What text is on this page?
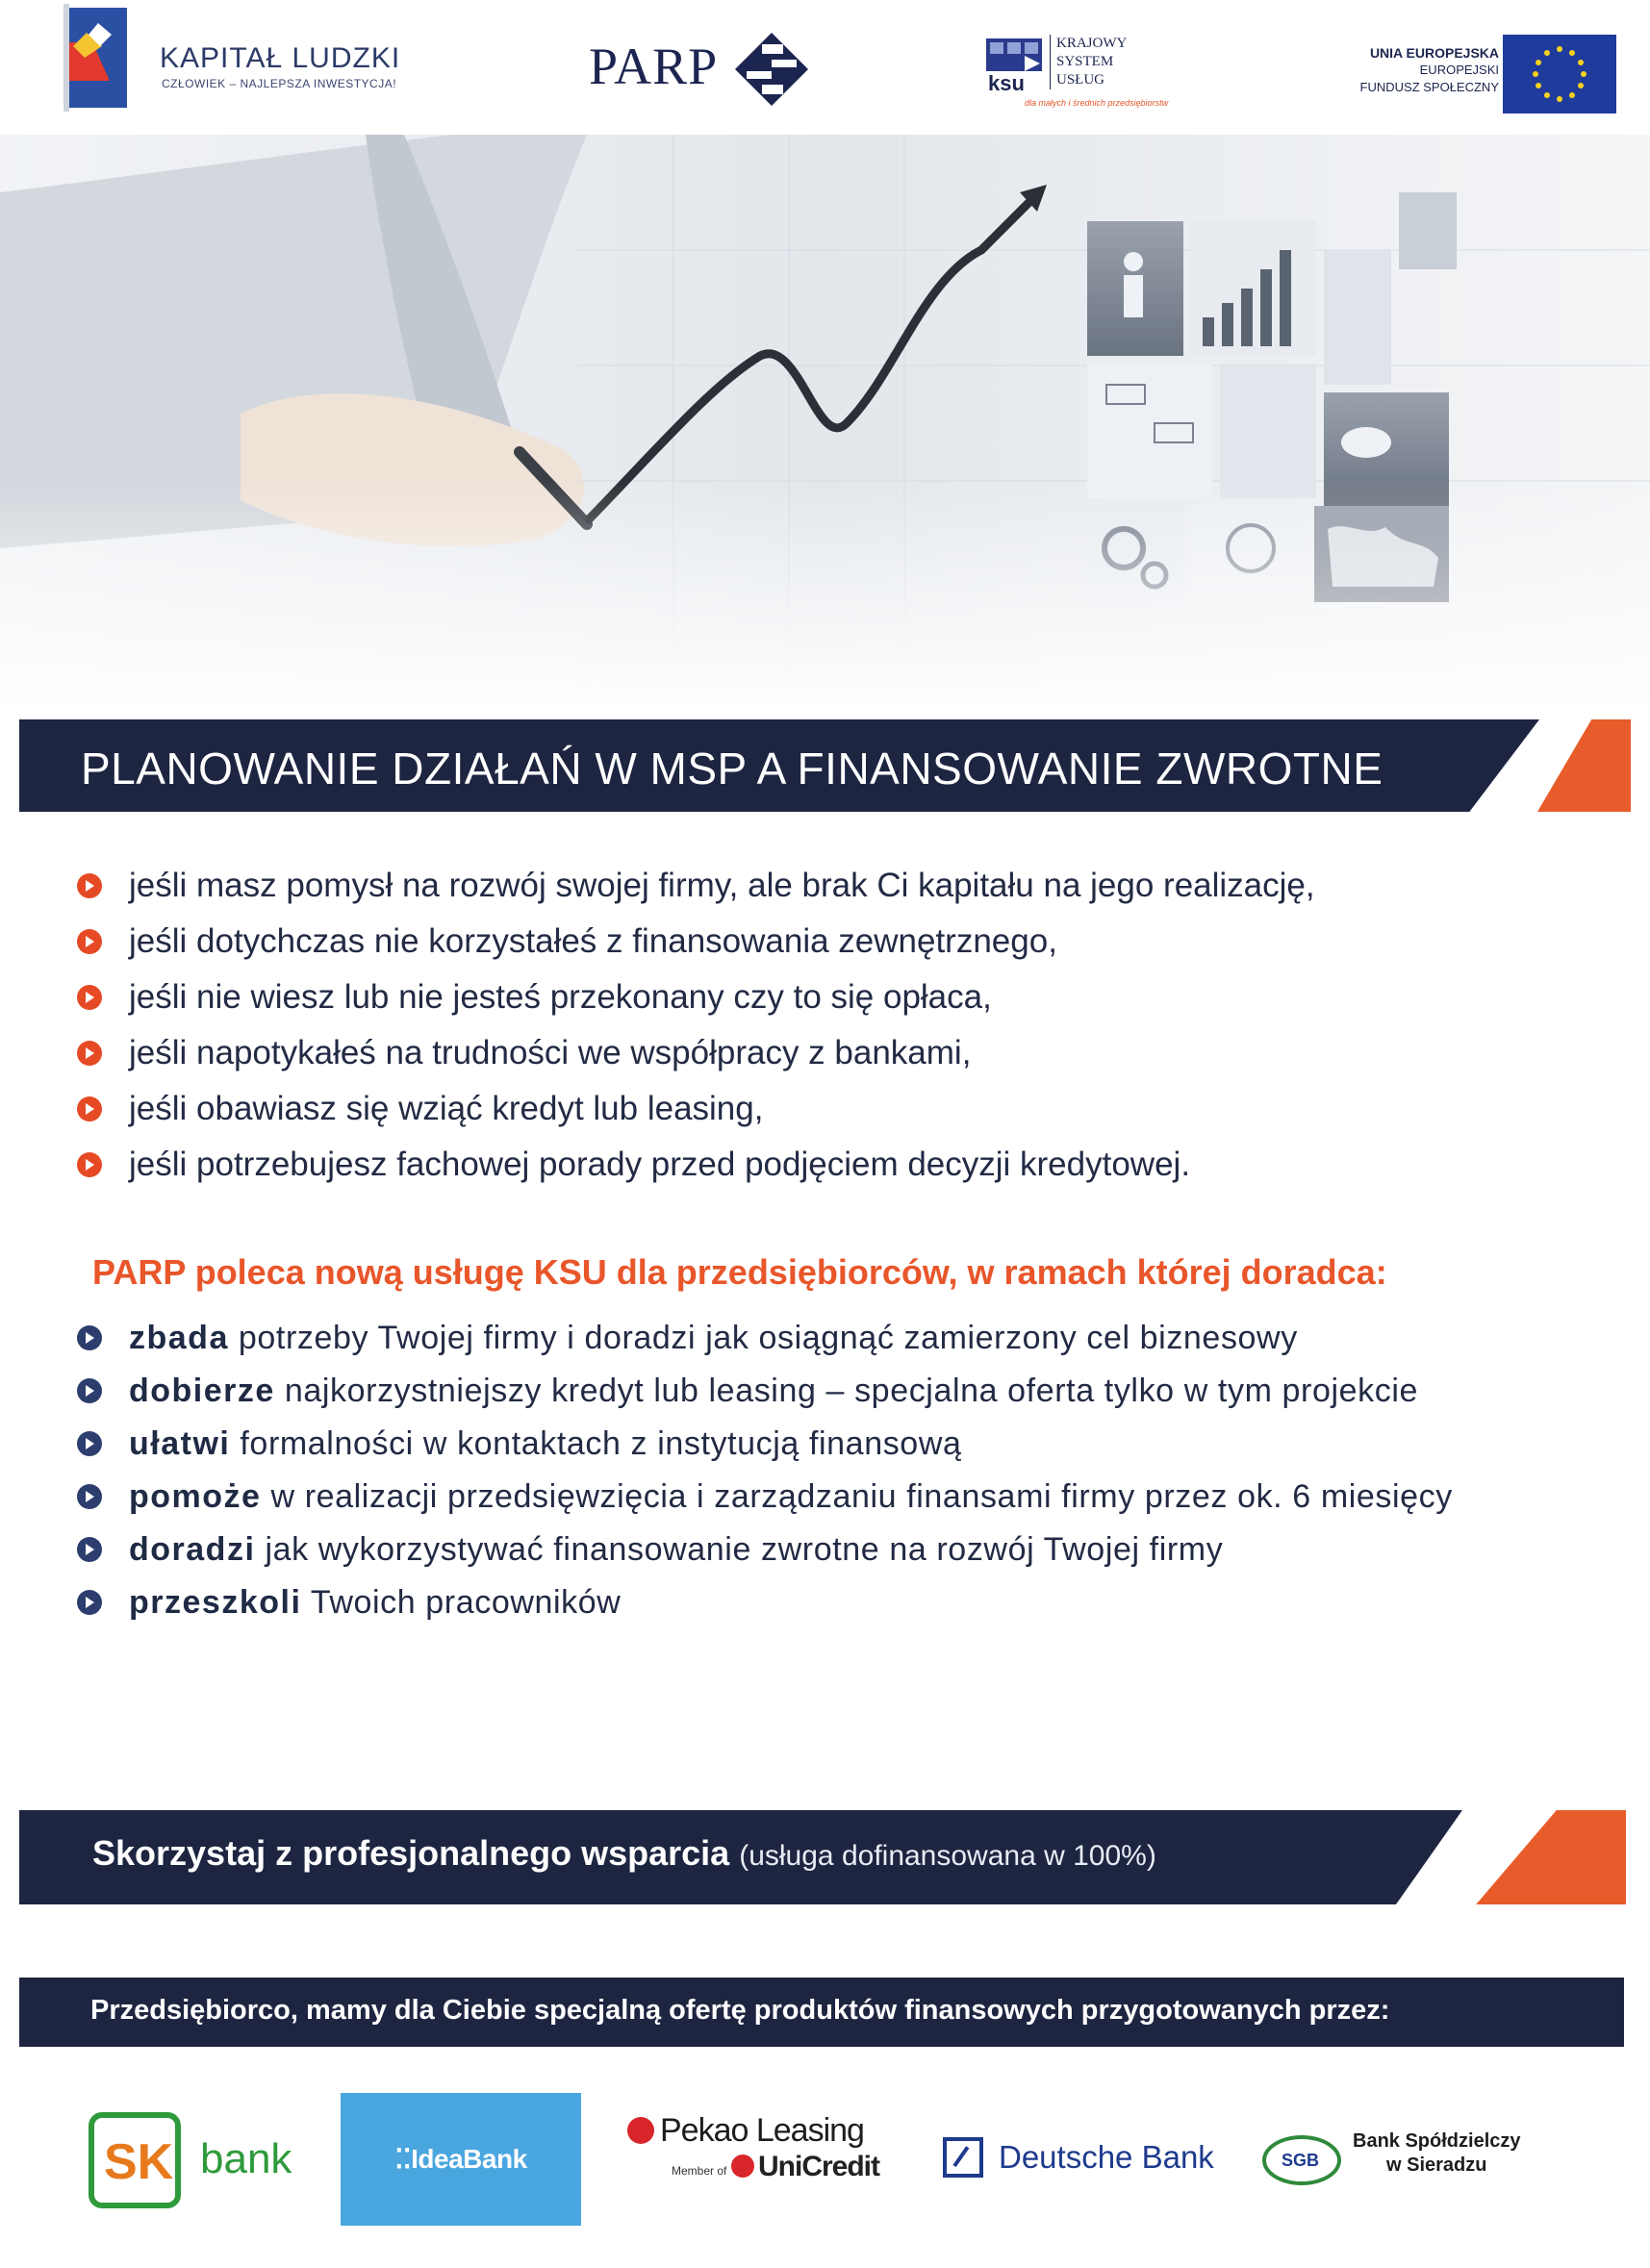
KAPITAŁ LUDZKI
CZŁOWIEK – NAJLEPSZA INWESTYCJA!	PARP	ksu
KRAJOWY
SYSTEM
USŁUG
dla małych i średnich przedsiębiorstw
UNIA EUROPEJSKA
EUROPEJSKI
FUNDUSZ SPOŁECZNY
PLANOWANIE DZIAŁAŃ W MSP A FINANSOWANIE ZWROTNE
jeśli masz pomysł na rozwój swojej firmy, ale brak Ci kapitału na jego realizację,
jeśli dotychczas nie korzystałeś z finansowania zewnętrznego,
jeśli nie wiesz lub nie jesteś przekonany czy to się opłaca,
jeśli napotykałeś na trudności we współpracy z bankami,
jeśli obawiasz się wziąć kredyt lub leasing,
jeśli potrzebujesz fachowej porady przed podjęciem decyzji kredytowej.
PARP poleca nową usługę KSU dla przedsiębiorców, w ramach której doradca:
zbada potrzeby Twojej firmy i doradzi jak osiągnąć zamierzony cel biznesowy
dobierze najkorzystniejszy kredyt lub leasing – specjalna oferta tylko w tym projekcie
ułatwi formalności w kontaktach z instytucją finansową
pomoże w realizacji przedsięwzięcia i zarządzaniu finansami firmy przez ok. 6 miesięcy
doradzi jak wykorzystywać finansowanie zwrotne na rozwój Twojej firmy
przeszkoli Twoich pracowników
Skorzystaj z profesjonalnego wsparcia (usługa dofinansowana w 100%)
Przedsiębiorco, mamy dla Ciebie specjalną ofertę produktów finansowych przygotowanych przez:
SK bank	⁚⁚IdeaBank
Pekao Leasing
Member of	UniCredit	Deutsche Bank	SGB
Bank Spółdzielczy
w Sieradzu
